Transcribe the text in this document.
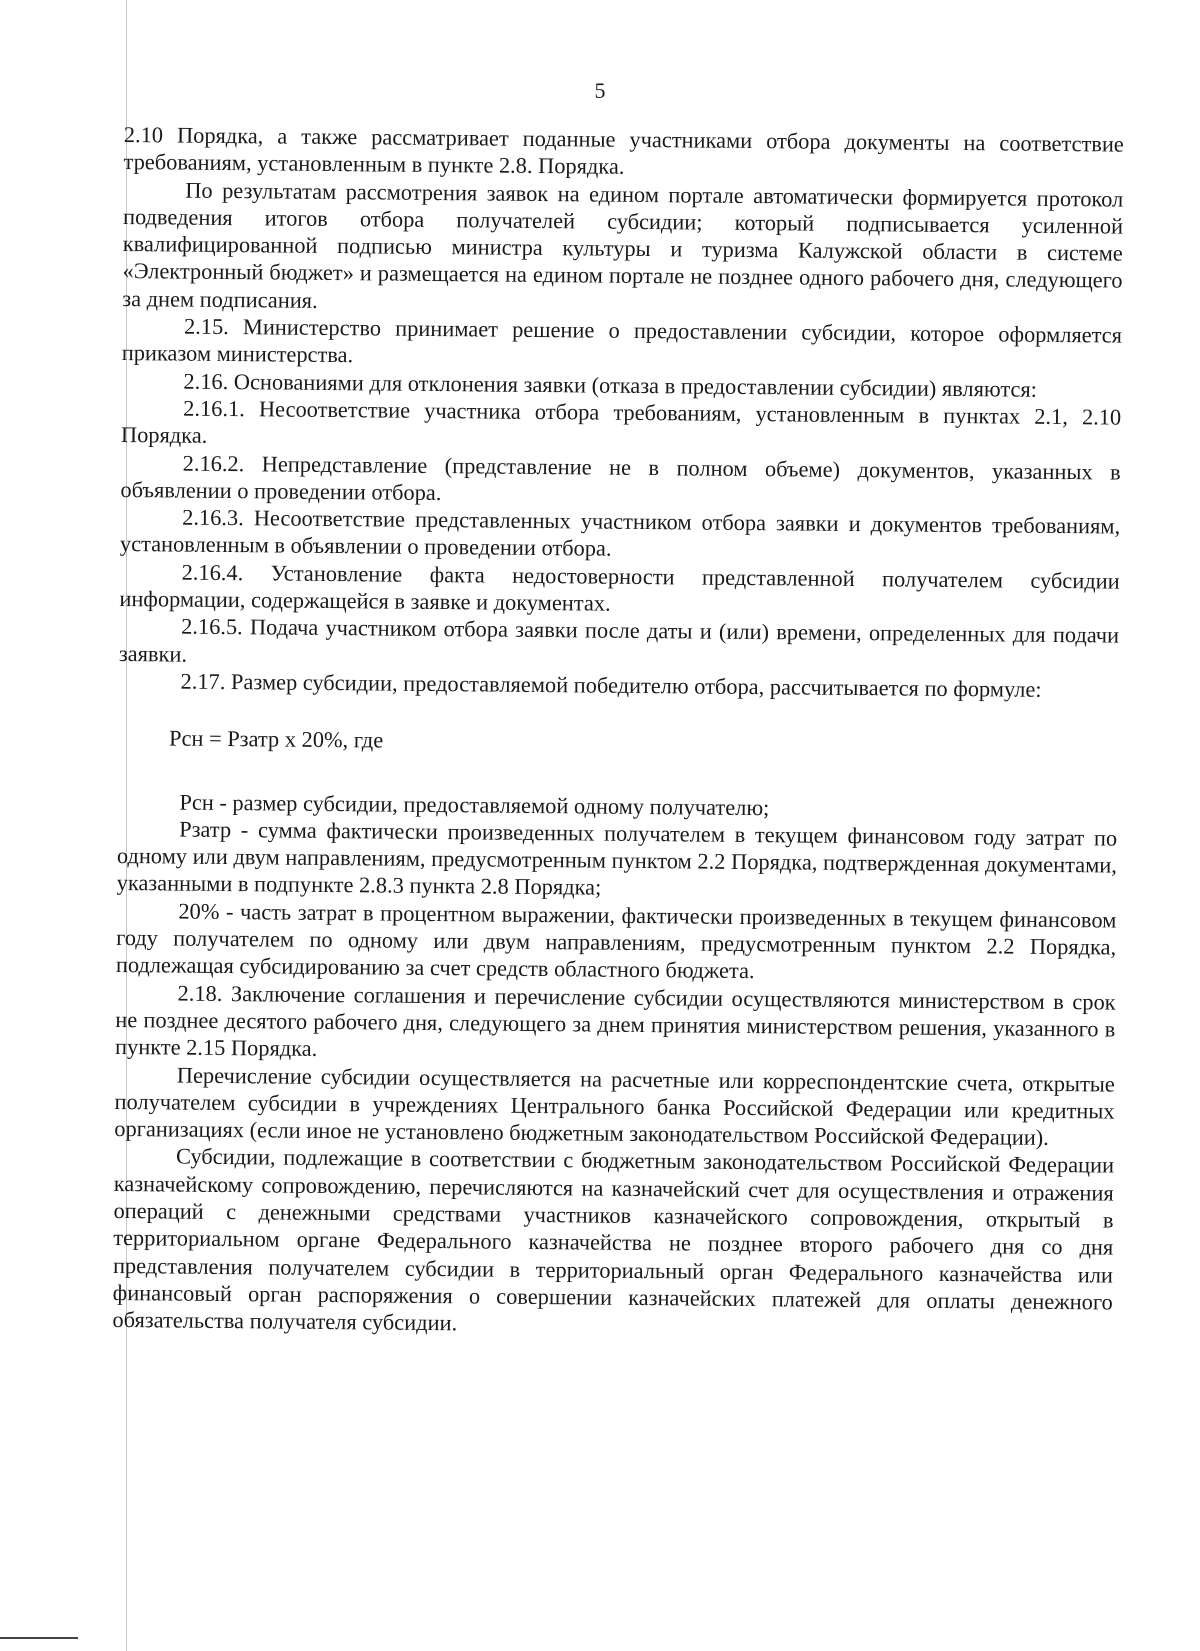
5

2.10 Порядка, а также рассматривает поданные участниками отбора документы на соответствие требованиям, установленным в пункте 2.8. Порядка.

По результатам рассмотрения заявок на едином портале автоматически формируется протокол подведения итогов отбора получателей субсидии; который подписывается усиленной квалифицированной подписью министра культуры и туризма Калужской области в системе «Электронный бюджет» и размещается на едином портале не позднее одного рабочего дня, следующего за днем подписания.

2.15. Министерство принимает решение о предоставлении субсидии, которое оформляется приказом министерства.

2.16. Основаниями для отклонения заявки (отказа в предоставлении субсидии) являются:

2.16.1. Несоответствие участника отбора требованиям, установленным в пунктах 2.1, 2.10 Порядка.

2.16.2. Непредставление (представление не в полном объеме) документов, указанных в объявлении о проведении отбора.

2.16.3. Несоответствие представленных участником отбора заявки и документов требованиям, установленным в объявлении о проведении отбора.

2.16.4. Установление факта недостоверности представленной получателем субсидии информации, содержащейся в заявке и документах.

2.16.5. Подача участником отбора заявки после даты и (или) времени, определенных для подачи заявки.

2.17. Размер субсидии, предоставляемой победителю отбора, рассчитывается по формуле:

Рсн = Рзатр х 20%, где

Рсн - размер субсидии, предоставляемой одному получателю;

Рзатр - сумма фактически произведенных получателем в текущем финансовом году затрат по одному или двум направлениям, предусмотренным пунктом 2.2 Порядка, подтвержденная документами, указанными в подпункте 2.8.3 пункта 2.8 Порядка;

20% - часть затрат в процентном выражении, фактически произведенных в текущем финансовом году получателем по одному или двум направлениям, предусмотренным пунктом 2.2 Порядка, подлежащая субсидированию за счет средств областного бюджета.

2.18. Заключение соглашения и перечисление субсидии осуществляются министерством в срок не позднее десятого рабочего дня, следующего за днем принятия министерством решения, указанного в пункте 2.15 Порядка.

Перечисление субсидии осуществляется на расчетные или корреспондентские счета, открытые получателем субсидии в учреждениях Центрального банка Российской Федерации или кредитных организациях (если иное не установлено бюджетным законодательством Российской Федерации).

Субсидии, подлежащие в соответствии с бюджетным законодательством Российской Федерации казначейскому сопровождению, перечисляются на казначейский счет для осуществления и отражения операций с денежными средствами участников казначейского сопровождения, открытый в территориальном органе Федерального казначейства не позднее второго рабочего дня со дня представления получателем субсидии в территориальный орган Федерального казначейства или финансовый орган распоряжения о совершении казначейских платежей для оплаты денежного обязательства получателя субсидии.
